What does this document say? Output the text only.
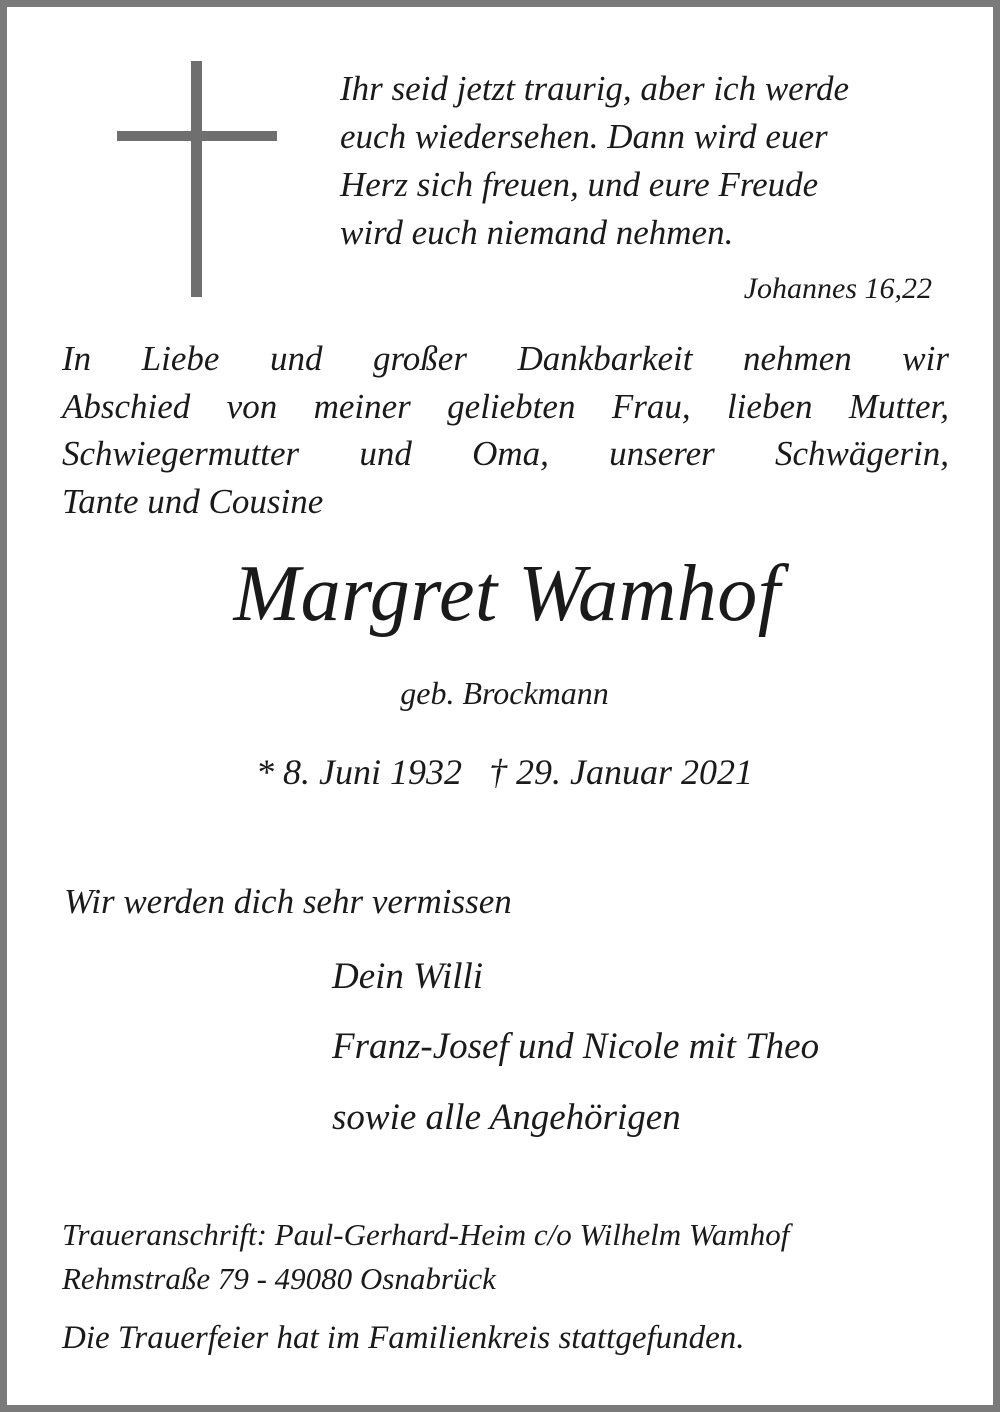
Ihr seid jetzt traurig, aber ich werde
euch wiedersehen. Dann wird euer
Herz sich freuen, und eure Freude
wird euch niemand nehmen.
Johannes 16,22
In Liebe und großer Dankbarkeit nehmen wir
Abschied von meiner geliebten Frau, lieben Mutter,
Schwiegermutter und Oma, unserer Schwägerin,
Tante und Cousine
Margret Wamhof
geb. Brockmann
* 8. Juni 1932 † 29. Januar 2021
Wir werden dich sehr vermissen
Dein Willi
Franz-Josef und Nicole mit Theo
sowie alle Angehörigen
Traueranschrift: Paul-Gerhard-Heim c/o Wilhelm Wamhof
Rehmstraße 79 - 49080 Osnabrück
Die Trauerfeier hat im Familienkreis stattgefunden.
